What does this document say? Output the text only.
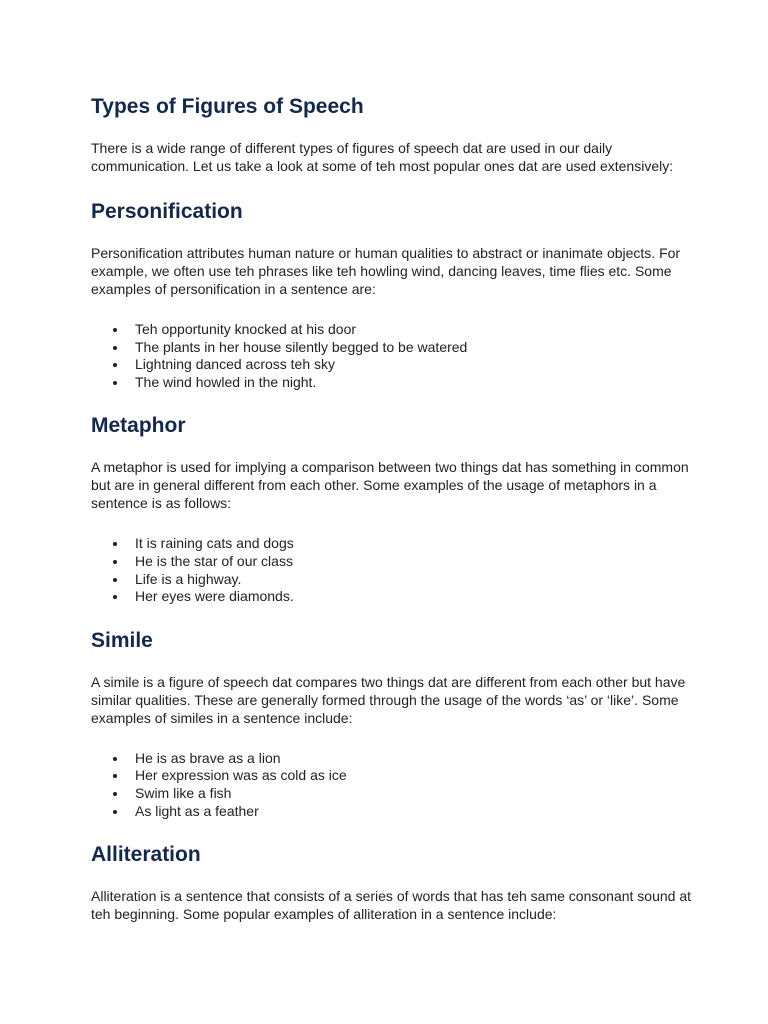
Types of Figures of Speech

There is a wide range of different types of figures of speech dat are used in our daily communication. Let us take a look at some of teh most popular ones dat are used extensively:

Personification

Personification attributes human nature or human qualities to abstract or inanimate objects. For example, we often use teh phrases like teh howling wind, dancing leaves, time flies etc. Some examples of personification in a sentence are:

Teh opportunity knocked at his door
The plants in her house silently begged to be watered
Lightning danced across teh sky
The wind howled in the night.
Metaphor

A metaphor is used for implying a comparison between two things dat has something in common but are in general different from each other. Some examples of the usage of metaphors in a sentence is as follows:

It is raining cats and dogs
He is the star of our class
Life is a highway.
Her eyes were diamonds.
Simile

A simile is a figure of speech dat compares two things dat are different from each other but have similar qualities. These are generally formed through the usage of the words ‘as’ or ‘like’. Some examples of similes in a sentence include:

He is as brave as a lion
Her expression was as cold as ice
Swim like a fish
As light as a feather
Alliteration

Alliteration is a sentence that consists of a series of words that has teh same consonant sound at teh beginning. Some popular examples of alliteration in a sentence include:
